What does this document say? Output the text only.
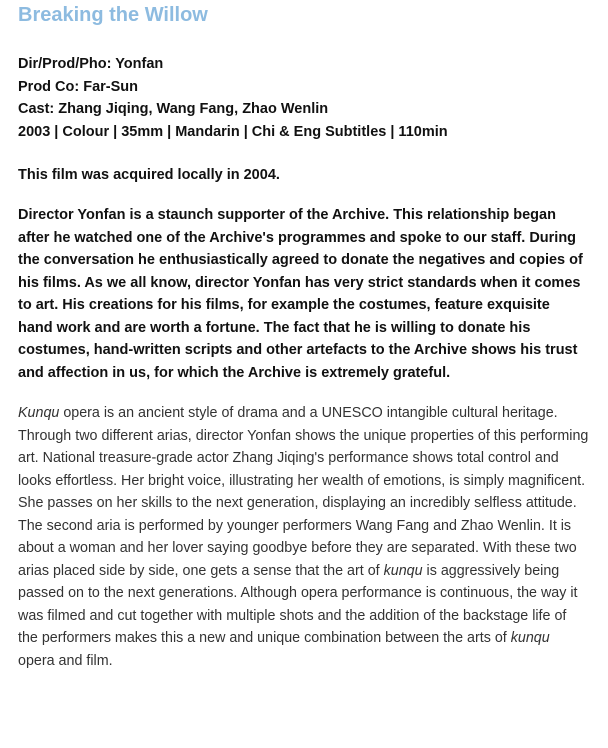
Breaking the Willow
Dir/Prod/Pho: Yonfan
Prod Co: Far-Sun
Cast: Zhang Jiqing, Wang Fang, Zhao Wenlin
2003 | Colour | 35mm | Mandarin | Chi & Eng Subtitles | 110min
This film was acquired locally in 2004.
Director Yonfan is a staunch supporter of the Archive. This relationship began after he watched one of the Archive's programmes and spoke to our staff. During the conversation he enthusiastically agreed to donate the negatives and copies of his films. As we all know, director Yonfan has very strict standards when it comes to art. His creations for his films, for example the costumes, feature exquisite hand work and are worth a fortune. The fact that he is willing to donate his costumes, hand-written scripts and other artefacts to the Archive shows his trust and affection in us, for which the Archive is extremely grateful.
Kunqu opera is an ancient style of drama and a UNESCO intangible cultural heritage. Through two different arias, director Yonfan shows the unique properties of this performing art. National treasure-grade actor Zhang Jiqing's performance shows total control and looks effortless. Her bright voice, illustrating her wealth of emotions, is simply magnificent. She passes on her skills to the next generation, displaying an incredibly selfless attitude. The second aria is performed by younger performers Wang Fang and Zhao Wenlin. It is about a woman and her lover saying goodbye before they are separated. With these two arias placed side by side, one gets a sense that the art of kunqu is aggressively being passed on to the next generations. Although opera performance is continuous, the way it was filmed and cut together with multiple shots and the addition of the backstage life of the performers makes this a new and unique combination between the arts of kunqu opera and film.
